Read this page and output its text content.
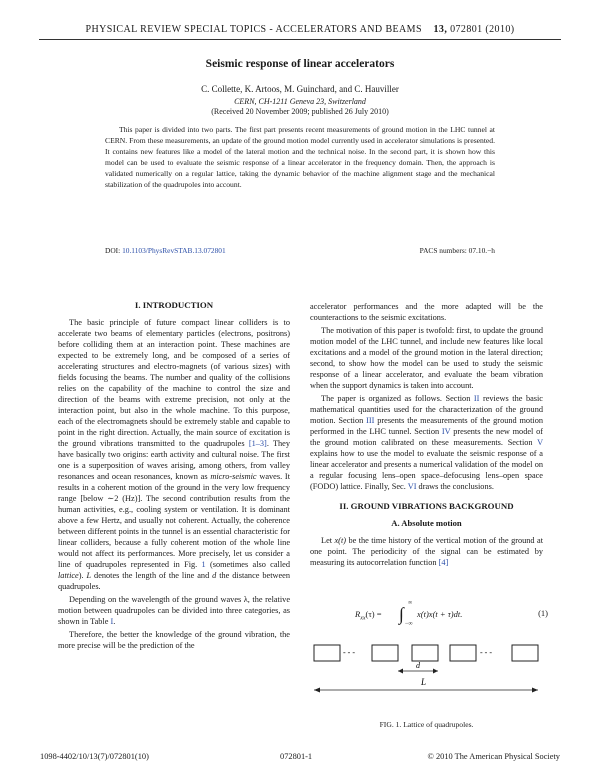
PHYSICAL REVIEW SPECIAL TOPICS - ACCELERATORS AND BEAMS 13, 072801 (2010)
Seismic response of linear accelerators
C. Collette, K. Artoos, M. Guinchard, and C. Hauviller
CERN, CH-1211 Geneva 23, Switzerland
(Received 20 November 2009; published 26 July 2010)
This paper is divided into two parts. The first part presents recent measurements of ground motion in the LHC tunnel at CERN. From these measurements, an update of the ground motion model currently used in accelerator simulations is presented. It contains new features like a model of the lateral motion and the technical noise. In the second part, it is shown how this model can be used to evaluate the seismic response of a linear accelerator in the frequency domain. Then, the approach is validated numerically on a regular lattice, taking the dynamic behavior of the machine alignment stage and the mechanical stabilization of the quadrupoles into account.
DOI: 10.1103/PhysRevSTAB.13.072801	PACS numbers: 07.10.−h
I. INTRODUCTION

The basic principle of future compact linear colliders is to accelerate two beams of elementary particles (electrons, positrons) before colliding them at an interaction point. These machines are expected to be extremely long, and be composed of a series of accelerating structures and electro-magnets (of various sizes) with fields focusing the beams. The number and quality of the collisions relies on the capability of the machine to control the size and direction of the beams with extreme precision, not only at the interaction point, but also in the whole machine. To this purpose, each of the electromagnets should be extremely stable and capable to point in the right direction. Actually, the main source of excitation is the ground vibrations transmitted to the quadrupoles [1–3]. They have basically two origins: earth activity and cultural noise. The first one is a superposition of waves arising, among others, from valley resonances and ocean resonances, known as micro-seismic waves. It results in a coherent motion of the ground in the very low frequency range [below ∼2 (Hz)]. The second contribution results from the human activities, e.g., cooling system or ventilation. It is dominant above a few Hertz, and usually not coherent. Actually, the coherence between different points in the tunnel is an essential characteristic for linear colliders, because a fully coherent motion of the whole line would not affect its performances. More precisely, let us consider a line of quadrupoles represented in Fig. 1 (sometimes also called lattice). L denotes the length of the line and d the distance between quadrupoles.

Depending on the wavelength of the ground waves λ, the relative motion between quadrupoles can be divided into three categories, as shown in Table I.

Therefore, the better the knowledge of the ground vibration, the more precise will be the prediction of the

accelerator performances and the more adapted will be the counteractions to the seismic excitations.

The motivation of this paper is twofold: first, to update the ground motion model of the LHC tunnel, and include new features like local excitations and a model of the ground motion in the lateral direction; second, to show how the model can be used to study the seismic response of a linear accelerator, and evaluate the beam vibration when the support dynamics is taken into account.

The paper is organized as follows. Section II reviews the basic mathematical quantities used for the characterization of the ground motion. Section III presents the measurements of the ground motion performed in the LHC tunnel. Section IV presents the new model of the ground motion calibrated on these measurements. Section V explains how to use the model to evaluate the seismic response of a linear accelerator and presents a numerical validation of the model on a regular focusing lens–open space–defocusing lens–open space (FODO) lattice. Finally, Sec. VI draws the conclusions.

II. GROUND VIBRATIONS BACKGROUND
A. Absolute motion

Let x(t) be the time history of the vertical motion of the ground at one point. The periodicity of the signal can be estimated by measuring its autocorrelation function [4]

$R_{xx}(\tau)$ = ∫
∞
−∞
x(t)x(t + τ)dt.	(1)
- - -	- - -
d
L
FIG. 1. Lattice of quadrupoles.
1098-4402/10/13(7)/072801(10)	072801-1	© 2010 The American Physical Society
